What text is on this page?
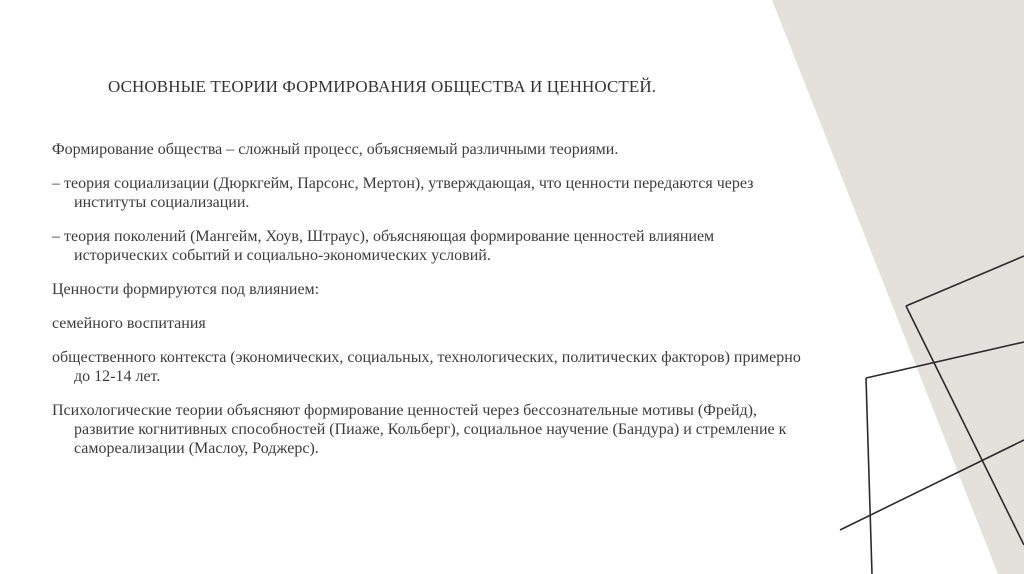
ОСНОВНЫЕ ТЕОРИИ ФОРМИРОВАНИЯ ОБЩЕСТВА И ЦЕННОСТЕЙ.

Формирование общества – сложный процесс, объясняемый различными теориями.

– теория социализации (Дюркгейм, Парсонс, Мертон), утверждающая, что ценности передаются через институты социализации.

– теория поколений (Мангейм, Хоув, Штраус), объясняющая формирование ценностей влиянием исторических событий и социально-экономических условий.

Ценности формируются под влиянием:

семейного воспитания

общественного контекста (экономических, социальных, технологических, политических факторов) примерно до 12-14 лет.

Психологические теории объясняют формирование ценностей через бессознательные мотивы (Фрейд), развитие когнитивных способностей (Пиаже, Кольберг), социальное научение (Бандура) и стремление к самореализации (Маслоу, Роджерс).
